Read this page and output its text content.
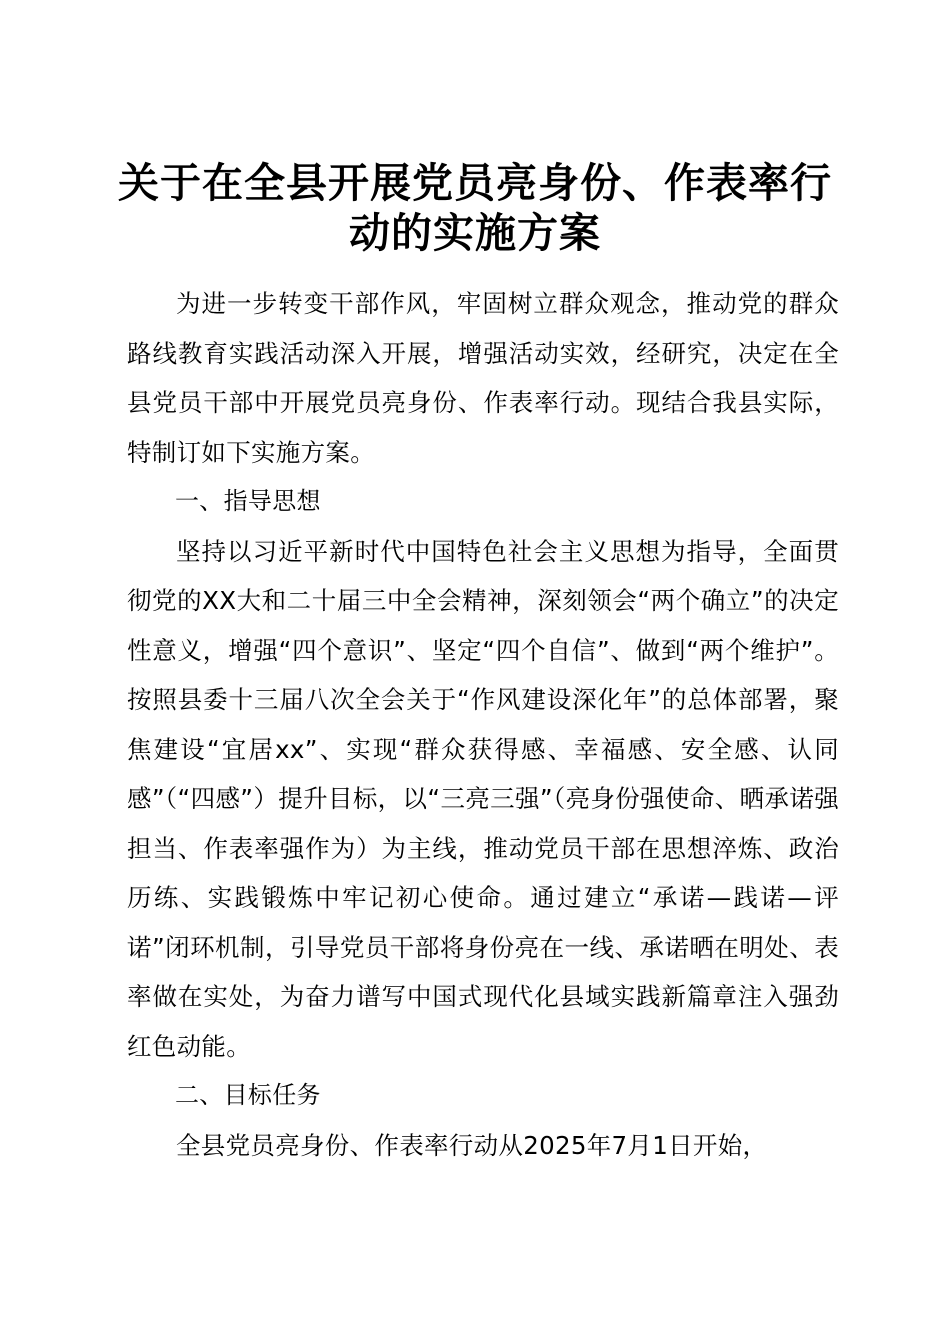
关于在全县开展党员亮身份、作表率行动的实施方案

为进一步转变干部作风，牢固树立群众观念，推动党的群众路线教育实践活动深入开展，增强活动实效，经研究，决定在全县党员干部中开展党员亮身份、作表率行动。现结合我县实际，特制订如下实施方案。

一、指导思想

坚持以习近平新时代中国特色社会主义思想为指导，全面贯彻党的XX大和二十届三中全会精神，深刻领会“两个确立”的决定性意义，增强“四个意识”、坚定“四个自信”、做到“两个维护”。按照县委十三届八次全会关于“作风建设深化年”的总体部署，聚焦建设“宜居xx”、实现“群众获得感、幸福感、安全感、认同感”（“四感”）提升目标，以“三亮三强”（亮身份强使命、晒承诺强担当、作表率强作为）为主线，推动党员干部在思想淬炼、政治历练、实践锻炼中牢记初心使命。通过建立“承诺—践诺—评诺”闭环机制，引导党员干部将身份亮在一线、承诺晒在明处、表率做在实处，为奋力谱写中国式现代化县域实践新篇章注入强劲红色动能。

二、目标任务

全县党员亮身份、作表率行动从2025年7月1日开始，
